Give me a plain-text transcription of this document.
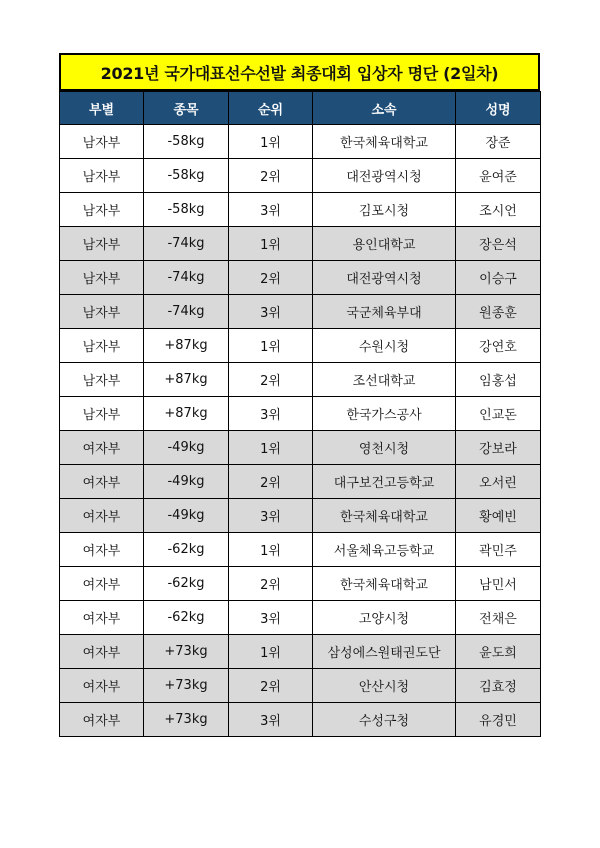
2021년 국가대표선수선발 최종대회 입상자 명단 (2일차)
부별	종목	순위	소속	성명
남자부	-58kg	1위	한국체육대학교	장준
남자부	-58kg	2위	대전광역시청	윤여준
남자부	-58kg	3위	김포시청	조시언
남자부	-74kg	1위	용인대학교	장은석
남자부	-74kg	2위	대전광역시청	이승구
남자부	-74kg	3위	국군체육부대	원종훈
남자부	+87kg	1위	수원시청	강연호
남자부	+87kg	2위	조선대학교	임홍섭
남자부	+87kg	3위	한국가스공사	인교돈
여자부	-49kg	1위	영천시청	강보라
여자부	-49kg	2위	대구보건고등학교	오서린
여자부	-49kg	3위	한국체육대학교	황예빈
여자부	-62kg	1위	서울체육고등학교	곽민주
여자부	-62kg	2위	한국체육대학교	남민서
여자부	-62kg	3위	고양시청	전채은
여자부	+73kg	1위	삼성에스원태권도단	윤도희
여자부	+73kg	2위	안산시청	김효정
여자부	+73kg	3위	수성구청	유경민
